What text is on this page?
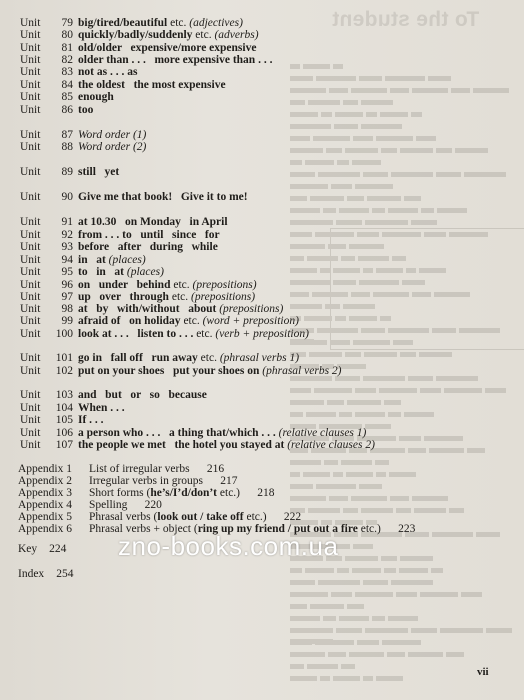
To the student
Unit	79 big/tired/beautiful etc. (adjectives)
Unit	80 quickly/badly/suddenly etc. (adverbs)
Unit	81 old/older   expensive/more expensive
Unit	82 older than . . .   more expensive than . . .
Unit	83 not as . . . as
Unit	84 the oldest   the most expensive
Unit	85 enough
Unit	86 too
Unit	87 Word order (1)
Unit	88 Word order (2)
Unit	89 still   yet
Unit	90 Give me that book!   Give it to me!
Unit	91 at 10.30   on Monday   in April
Unit	92 from . . . to   until   since   for
Unit	93 before   after   during   while
Unit	94 in   at (places)
Unit	95 to   in   at (places)
Unit	96 on   under   behind etc. (prepositions)
Unit	97 up   over   through etc. (prepositions)
Unit	98 at   by   with/without   about (prepositions)
Unit	99 afraid of   on holiday etc. (word + preposition)
Unit	100 look at . . .   listen to . . . etc. (verb + preposition)
Unit	101 go in   fall off   run away etc. (phrasal verbs 1)
Unit	102 put on your shoes   put your shoes on (phrasal verbs 2)
Unit	103 and   but   or   so   because
Unit	104 When . . .
Unit	105 If . . .
Unit	106 a person who . . .   a thing that/which . . . (relative clauses 1)
Unit	107 the people we met   the hotel you stayed at (relative clauses 2)
Appendix 1 List of irregular verbs      216
Appendix 2 Irregular verbs in groups      217
Appendix 3 Short forms (he’s/I’d/don’t etc.)      218
Appendix 4 Spelling      220
Appendix 5 Phrasal verbs (look out / take off etc.)      222
Appendix 6 Phrasal verbs + object (ring up my friend / put out a fire etc.)      223
Key 224
Index 254
zno-books.com.ua
vii
